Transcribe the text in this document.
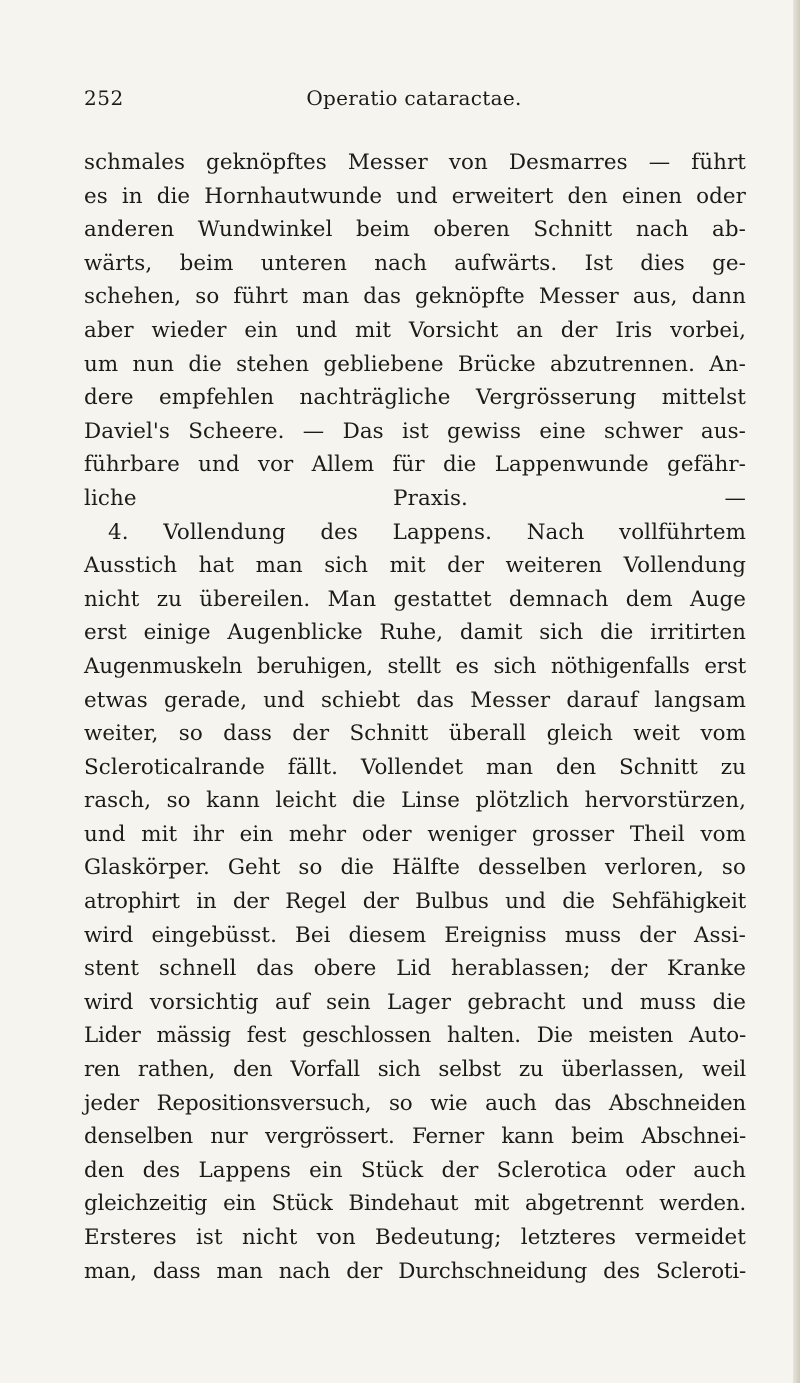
252	Operatio cataractae.
schmales geknöpftes Messer von Desmarres — führt
es in die Hornhautwunde und erweitert den einen oder
anderen Wundwinkel beim oberen Schnitt nach ab-
wärts, beim unteren nach aufwärts. Ist dies ge-
schehen, so führt man das geknöpfte Messer aus, dann
aber wieder ein und mit Vorsicht an der Iris vorbei,
um nun die stehen gebliebene Brücke abzutrennen. An-
dere empfehlen nachträgliche Vergrösserung mittelst
Daviel's Scheere. — Das ist gewiss eine schwer aus-
führbare und vor Allem für die Lappenwunde gefähr-
liche Praxis. —
4. Vollendung des Lappens. Nach vollführtem
Ausstich hat man sich mit der weiteren Vollendung
nicht zu übereilen. Man gestattet demnach dem Auge
erst einige Augenblicke Ruhe, damit sich die irritirten
Augenmuskeln beruhigen, stellt es sich nöthigenfalls erst
etwas gerade, und schiebt das Messer darauf langsam
weiter, so dass der Schnitt überall gleich weit vom
Scleroticalrande fällt. Vollendet man den Schnitt zu
rasch, so kann leicht die Linse plötzlich hervorstürzen,
und mit ihr ein mehr oder weniger grosser Theil vom
Glaskörper. Geht so die Hälfte desselben verloren, so
atrophirt in der Regel der Bulbus und die Sehfähigkeit
wird eingebüsst. Bei diesem Ereigniss muss der Assi-
stent schnell das obere Lid herablassen; der Kranke
wird vorsichtig auf sein Lager gebracht und muss die
Lider mässig fest geschlossen halten. Die meisten Auto-
ren rathen, den Vorfall sich selbst zu überlassen, weil
jeder Repositionsversuch, so wie auch das Abschneiden
denselben nur vergrössert. Ferner kann beim Abschnei-
den des Lappens ein Stück der Sclerotica oder auch
gleichzeitig ein Stück Bindehaut mit abgetrennt werden.
Ersteres ist nicht von Bedeutung; letzteres vermeidet
man, dass man nach der Durchschneidung des Scleroti-
